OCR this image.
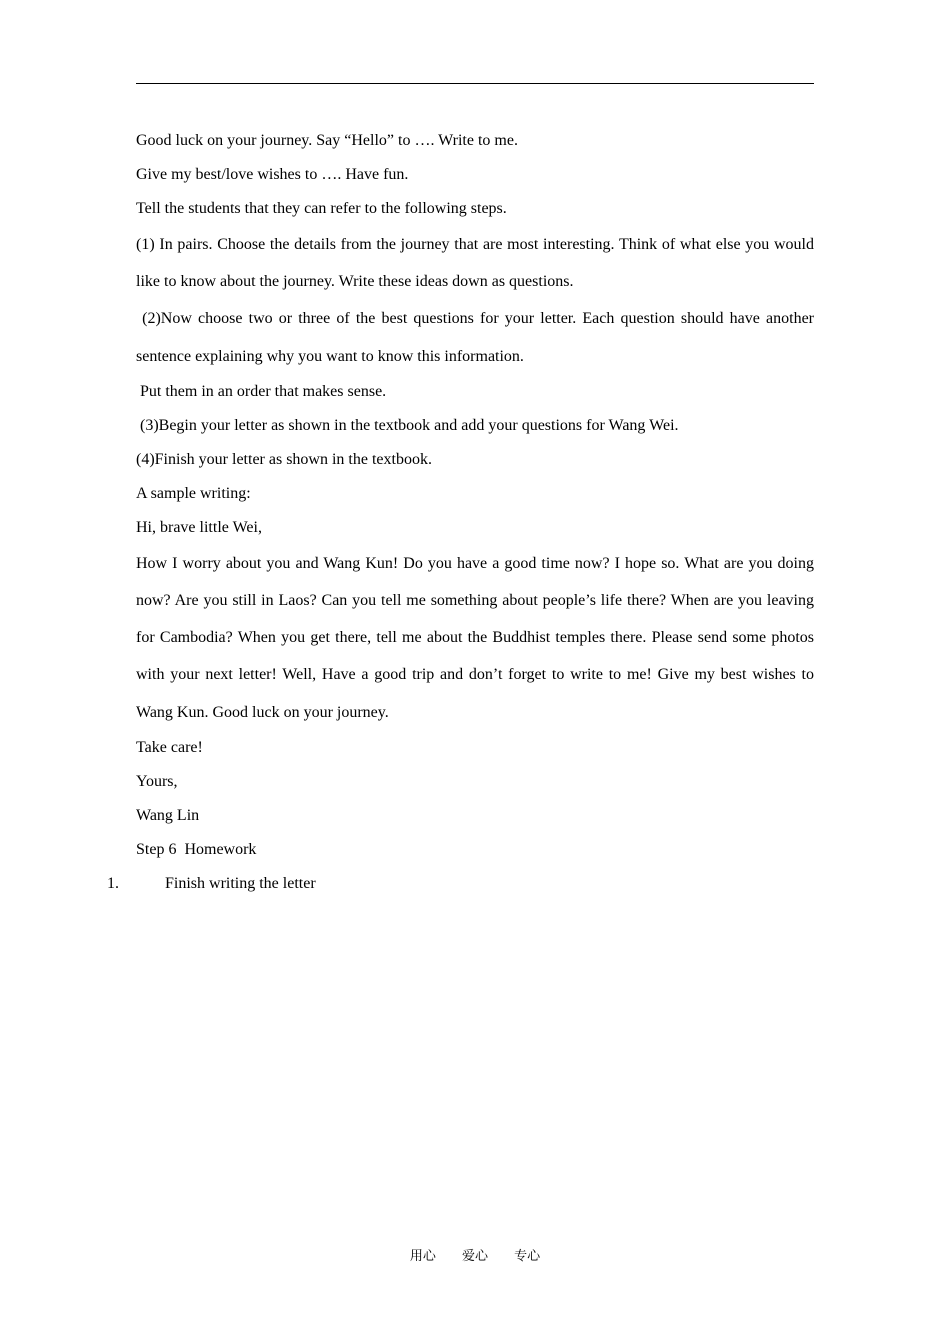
Good luck on your journey. Say “Hello” to …. Write to me.

Give my best/love wishes to …. Have fun.

Tell the students that they can refer to the following steps.

(1) In pairs. Choose the details from the journey that are most interesting. Think of what else you would like to know about the journey. Write these ideas down as questions.

(2)Now choose two or three of the best questions for your letter. Each question should have another sentence explaining why you want to know this information.

Put them in an order that makes sense.

(3)Begin your letter as shown in the textbook and add your questions for Wang Wei.

(4)Finish your letter as shown in the textbook.

A sample writing:

Hi, brave little Wei,

How I worry about you and Wang Kun! Do you have a good time now? I hope so. What are you doing now? Are you still in Laos? Can you tell me something about people’s life there? When are you leaving for Cambodia? When you get there, tell me about the Buddhist temples there. Please send some photos with your next letter! Well, Have a good trip and don’t forget to write to me! Give my best wishes to Wang Kun. Good luck on your journey.

Take care!

Yours,

Wang Lin

Step 6  Homework

1.	Finish writing the letter
用心 爱心 专心
